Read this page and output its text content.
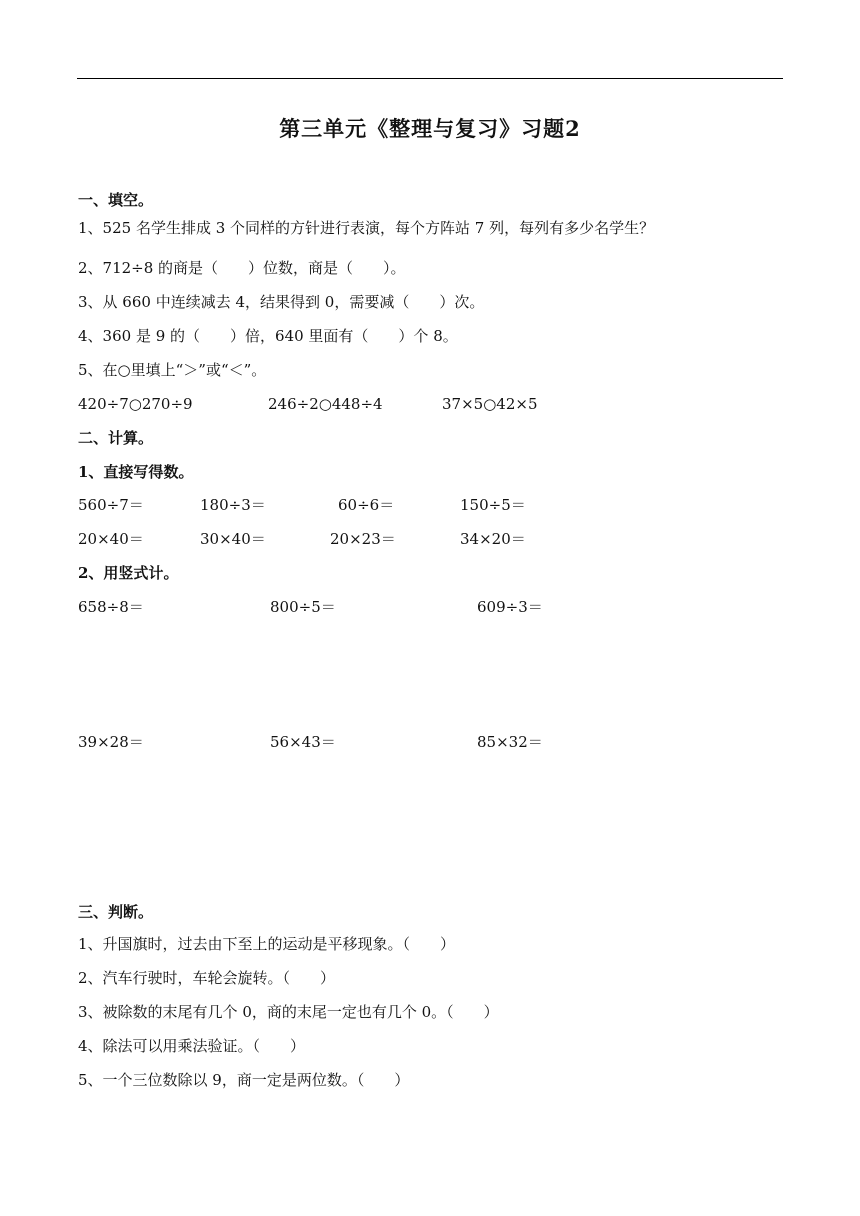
第三单元《整理与复习》习题2
一、填空。
1、525 名学生排成 3 个同样的方针进行表演，每个方阵站 7 列，每列有多少名学生？
2、712÷8 的商是（　　）位数，商是（　　）。
3、从 660 中连续减去 4，结果得到 0，需要减（　　）次。
4、360 是 9 的（　　）倍，640 里面有（　　）个 8。
5、在○里填上“＞”或“＜”。
420÷7○270÷9	246÷2○448÷4	37×5○42×5
二、计算。
1、直接写得数。
560÷7＝	180÷3＝	60÷6＝	150÷5＝
20×40＝	30×40＝	20×23＝	34×20＝
2、用竖式计。
658÷8＝	800÷5＝	609÷3＝
39×28＝	56×43＝	85×32＝
三、判断。
1、升国旗时，过去由下至上的运动是平移现象。（　　）
2、汽车行驶时，车轮会旋转。（　　）
3、被除数的末尾有几个 0，商的末尾一定也有几个 0。（　　）
4、除法可以用乘法验证。（　　）
5、一个三位数除以 9，商一定是两位数。（　　）
